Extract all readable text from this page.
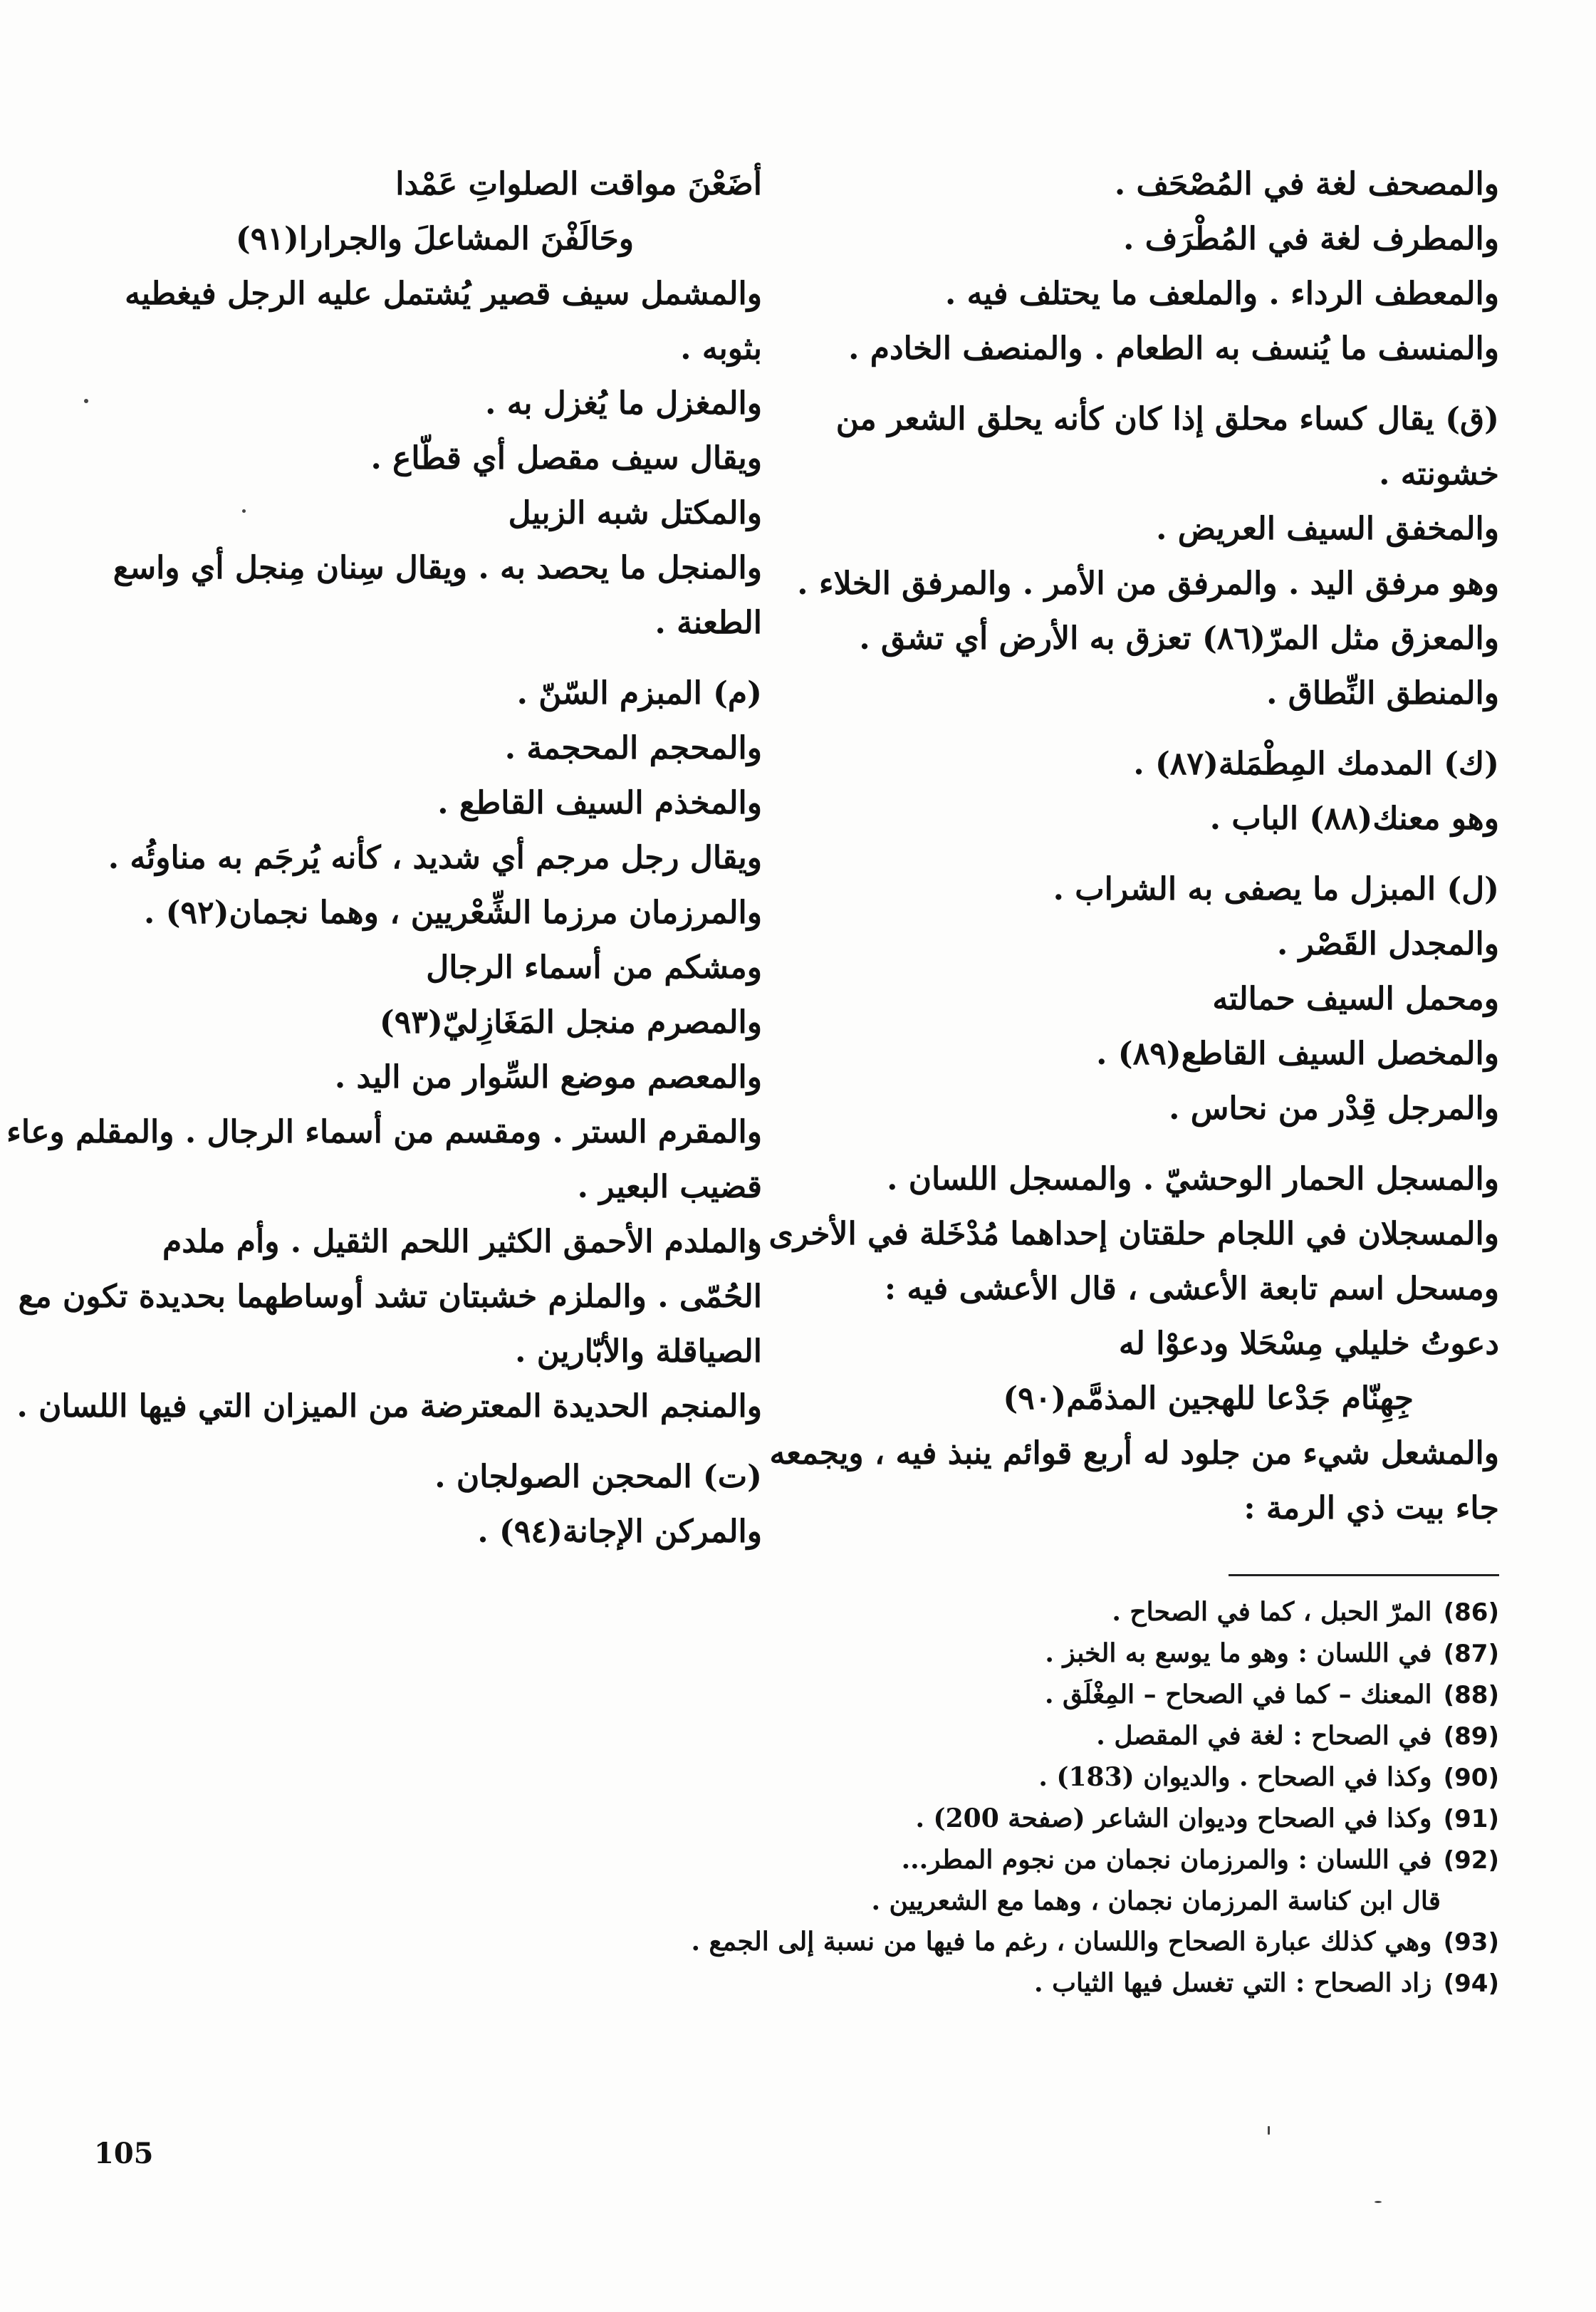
والمصحف لغة في المُصْحَف .
والمطرف لغة في المُطْرَف .
والمعطف الرداء . والملعف ما يحتلف فيه .
والمنسف ما يُنسف به الطعام . والمنصف الخادم .
(ق) يقال كساء محلق إذا كان كأنه يحلق الشعر من
خشونته .
والمخفق السيف العريض .
وهو مرفق اليد . والمرفق من الأمر . والمرفق الخلاء .
والمعزق مثل المرّ(٨٦) تعزق به الأرض أي تشق .
والمنطق النِّطاق .
(ك) المدمك المِطْمَلة(٨٧) .
وهو معنك(٨٨) الباب .
(ل) المبزل ما يصفى به الشراب .
والمجدل القَصْر .
ومحمل السيف حمالته
والمخصل السيف القاطع(٨٩) .
والمرجل قِدْر من نحاس .
والمسجل الحمار الوحشيّ . والمسجل اللسان .
والمسجلان في اللجام حلقتان إحداهما مُدْخَلة في الأخرى .
ومسحل اسم تابعة الأعشى ، قال الأعشى فيه :
دعوتُ خليلي مِسْحَلا ودعوْا له
جِهِنّام جَدْعا للهجين المذمَّم(٩٠)
والمشعل شيء من جلود له أربع قوائم ينبذ فيه ، ويجمعه
جاء بيت ذي الرمة :
أضَعْنَ مواقت الصلواتِ عَمْدا
وحَالَفْنَ المشاعلَ والجرارا(٩١)
والمشمل سيف قصير يُشتمل عليه الرجل فيغطيه
بثوبه .
والمغزل ما يُغزل به .
ويقال سيف مقصل أي قطّاع .
والمكتل شبه الزبيل
والمنجل ما يحصد به . ويقال سِنان مِنجل أي واسع
الطعنة .
(م) المبزم السّنّ .
والمحجم المحجمة .
والمخذم السيف القاطع .
ويقال رجل مرجم أي شديد ، كأنه يُرجَم به مناوئُه .
والمرزمان مرزما الشِّعْريين ، وهما نجمان(٩٢) .
ومشكم من أسماء الرجال
والمصرم منجل المَغَازِليّ(٩٣)
والمعصم موضع السِّوار من اليد .
والمقرم الستر . ومقسم من أسماء الرجال . والمقلم وعاء
قضيب البعير .
والملدم الأحمق الكثير اللحم الثقيل . وأم ملدم
الحُمّى . والملزم خشبتان تشد أوساطهما بحديدة تكون مع
الصياقلة والأبّارين .
والمنجم الحديدة المعترضة من الميزان التي فيها اللسان .
(ت) المحجن الصولجان .
والمركن الإجانة(٩٤) .
(86) المرّ الحبل ، كما في الصحاح .
(87) في اللسان : وهو ما يوسع به الخبز .
(88) المعنك – كما في الصحاح – المِغْلَق .
(89) في الصحاح : لغة في المقصل .
(90) وكذا في الصحاح . والديوان (183) .
(91) وكذا في الصحاح وديوان الشاعر (صفحة 200) .
(92) في اللسان : والمرزمان نجمان من نجوم المطر...
قال ابن كناسة المرزمان نجمان ، وهما مع الشعريين .
(93) وهي كذلك عبارة الصحاح واللسان ، رغم ما فيها من نسبة إلى الجمع .
(94) زاد الصحاح : التي تغسل فيها الثياب .
105
